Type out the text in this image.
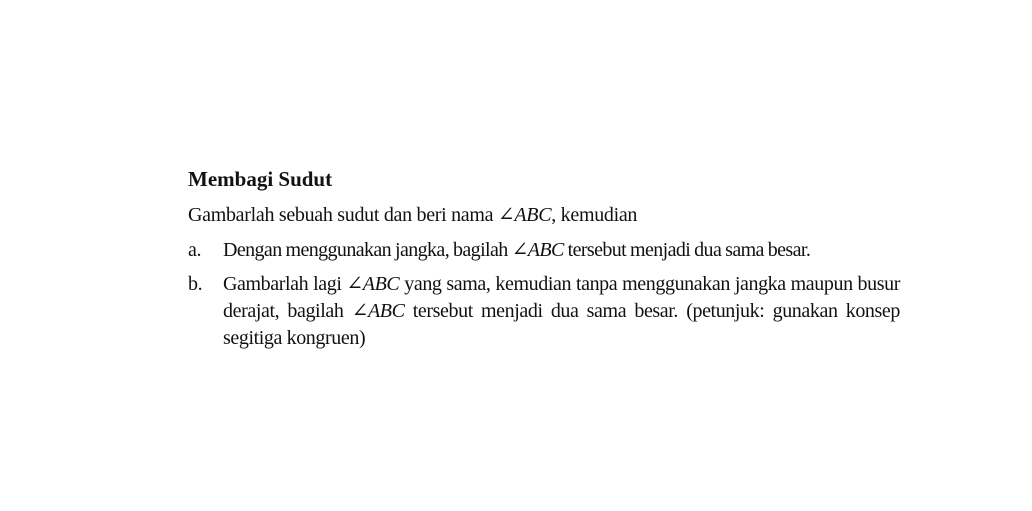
Membagi Sudut
Gambarlah sebuah sudut dan beri nama ∠ABC, kemudian
a. Dengan menggunakan jangka, bagilah ∠ABC tersebut menjadi dua sama besar.
b. Gambarlah lagi ∠ABC yang sama, kemudian tanpa menggunakan jangka maupun busur derajat, bagilah ∠ABC tersebut menjadi dua sama besar. (petunjuk: gunakan konsep segitiga kongruen)
